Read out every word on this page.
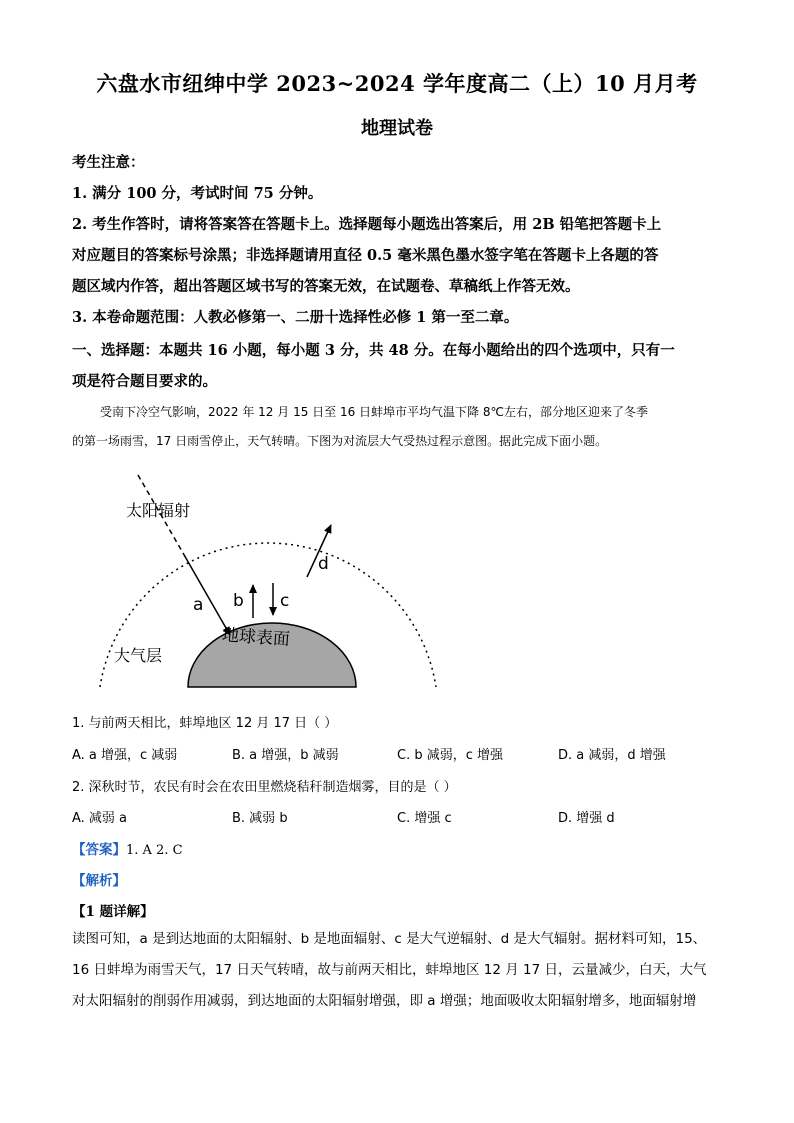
六盘水市纽绅中学 2023~2024 学年度高二（上）10 月月考
地理试卷
考生注意：
1. 满分 100 分，考试时间 75 分钟。
2. 考生作答时，请将答案答在答题卡上。选择题每小题选出答案后，用 2B 铅笔把答题卡上
对应题目的答案标号涂黑；非选择题请用直径 0.5 毫米黑色墨水签字笔在答题卡上各题的答
题区域内作答，超出答题区域书写的答案无效，在试题卷、草稿纸上作答无效。
3. 本卷命题范围：人教必修第一、二册十选择性必修 1 第一至二章。
一、选择题：本题共 16 小题，每小题 3 分，共 48 分。在每小题给出的四个选项中，只有一
项是符合题目要求的。
受南下冷空气影响，2022 年 12 月 15 日至 16 日蚌埠市平均气温下降 8℃左右，部分地区迎来了冬季
的第一场雨雪，17 日雨雪停止，天气转晴。下图为对流层大气受热过程示意图。据此完成下面小题。
太阳辐射
大气层
地球表面
a b c
d
1. 与前两天相比，蚌埠地区 12 月 17 日（ ）
A. a 增强，c 减弱	B. a 增强，b 减弱	C. b 减弱，c 增强	D. a 减弱，d 增强
2. 深秋时节，农民有时会在农田里燃烧秸秆制造烟雾，目的是（ ）
A. 减弱 a	B. 减弱 b	C. 增强 c	D. 增强 d
【答案】1. A 2. C
【解析】
【1 题详解】
读图可知，a 是到达地面的太阳辐射、b 是地面辐射、c 是大气逆辐射、d 是大气辐射。据材料可知，15、
16 日蚌埠为雨雪天气，17 日天气转晴，故与前两天相比，蚌埠地区 12 月 17 日，云量减少，白天，大气
对太阳辐射的削弱作用减弱，到达地面的太阳辐射增强，即 a 增强；地面吸收太阳辐射增多，地面辐射增
